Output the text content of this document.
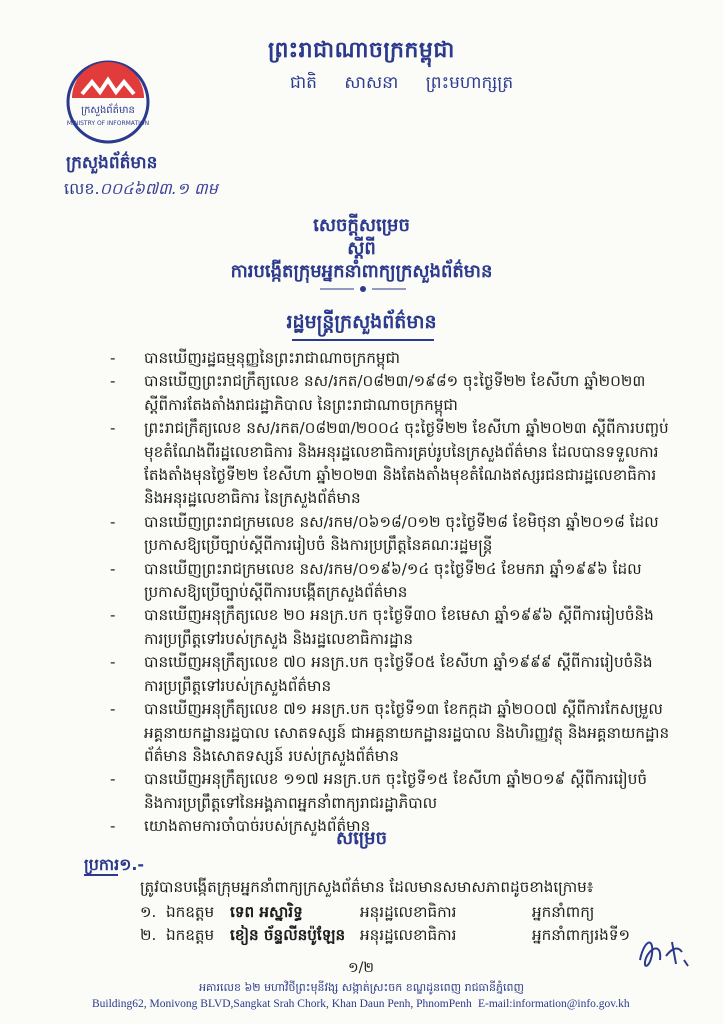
ព្រះរាជាណាចក្រកម្ពុជា
ជាតិ សាសនា ព្រះមហាក្សត្រ
ក្រសួងព័ត៌មាន
MINISTRY OF INFORMATION
ក្រសួងព័ត៌មាន
លេខ.០០៤៦៧៣.១ ៣ម
សេចក្ដីសម្រេច
ស្ដីពី
ការបង្កើតក្រុមអ្នកនាំពាក្យក្រសួងព័ត៌មាន
រដ្ឋមន្ត្រីក្រសួងព័ត៌មាន
- បានឃើញរដ្ឋធម្មនុញ្ញនៃព្រះរាជាណាចក្រកម្ពុជា
- បានឃើញព្រះរាជក្រឹត្យលេខ នស/រកត/០៨២៣/១៩៨១ ចុះថ្ងៃទី២២ ខែសីហា ឆ្នាំ២០២៣ ស្ដីពីការតែងតាំងរាជរដ្ឋាភិបាល នៃព្រះរាជាណាចក្រកម្ពុជា
- ព្រះរាជក្រឹត្យលេខ នស/រកត/០៨២៣/២០០៤ ចុះថ្ងៃទី២២ ខែសីហា ឆ្នាំ២០២៣ ស្ដីពីការបញ្ចប់មុខតំណែងពីរដ្ឋលេខាធិការ និងអនុរដ្ឋលេខាធិការគ្រប់រូបនៃក្រសួងព័ត៌មាន ដែលបានទទួលការតែងតាំងមុនថ្ងៃទី២២ ខែសីហា ឆ្នាំ២០២៣ និងតែងតាំងមុខតំណែងឥស្សរជនជារដ្ឋលេខាធិការ និងអនុរដ្ឋលេខាធិការ នៃក្រសួងព័ត៌មាន
- បានឃើញព្រះរាជក្រមលេខ នស/រកម/០៦១៨/០១២ ចុះថ្ងៃទី២៨ ខែមិថុនា ឆ្នាំ២០១៨ ដែលប្រកាសឱ្យប្រើច្បាប់ស្ដីពីការរៀបចំ និងការប្រព្រឹត្តនៃគណៈរដ្ឋមន្ត្រី
- បានឃើញព្រះរាជក្រមលេខ នស/រកម/០១៩៦/១៤ ចុះថ្ងៃទី២៤ ខែមករា ឆ្នាំ១៩៩៦ ដែលប្រកាសឱ្យប្រើច្បាប់ស្ដីពីការបង្កើតក្រសួងព័ត៌មាន
- បានឃើញអនុក្រឹត្យលេខ ២០ អនក្រ.បក ចុះថ្ងៃទី៣០ ខែមេសា ឆ្នាំ១៩៩៦ ស្ដីពីការរៀបចំនិងការប្រព្រឹត្តទៅរបស់ក្រសួង និងរដ្ឋលេខាធិការដ្ឋាន
- បានឃើញអនុក្រឹត្យលេខ ៧០ អនក្រ.បក ចុះថ្ងៃទី០៥ ខែសីហា ឆ្នាំ១៩៩៩ ស្ដីពីការរៀបចំនិងការប្រព្រឹត្តទៅរបស់ក្រសួងព័ត៌មាន
- បានឃើញអនុក្រឹត្យលេខ ៧១ អនក្រ.បក ចុះថ្ងៃទី១៣ ខែកក្កដា ឆ្នាំ២០០៧ ស្ដីពីការកែសម្រួលអគ្គនាយកដ្ឋានរដ្ឋបាល សោតទស្សន៍ ជាអគ្គនាយកដ្ឋានរដ្ឋបាល និងហិរញ្ញវត្ថុ និងអគ្គនាយកដ្ឋានព័ត៌មាន និងសោតទស្សន៍ របស់ក្រសួងព័ត៌មាន
- បានឃើញអនុក្រឹត្យលេខ ១១៧ អនក្រ.បក ចុះថ្ងៃទី១៥ ខែសីហា ឆ្នាំ២០១៩ ស្ដីពីការរៀបចំ និងការប្រព្រឹត្តទៅនៃអង្គភាពអ្នកនាំពាក្យរាជរដ្ឋាភិបាល
- យោងតាមការចាំបាច់របស់ក្រសួងព័ត៌មាន
សម្រេច
ប្រការ១.-
ត្រូវបានបង្កើតក្រុមអ្នកនាំពាក្យក្រសួងព័ត៌មាន ដែលមានសមាសភាពដូចខាងក្រោម៖
១. ឯកឧត្តម ទេព អស្នារិទ្ធ	អនុរដ្ឋលេខាធិការ	អ្នកនាំពាក្យ
២. ឯកឧត្តម ខៀន ច័ន្ទលីនប៉ូឡែន អនុរដ្ឋលេខាធិការ	អ្នកនាំពាក្យរងទី១
១/២
អគារលេខ ៦២ មហាវិថីព្រះមុនីវង្ស សង្កាត់ស្រះចក ខណ្ឌដូនពេញ រាជធានីភ្នំពេញ
Building62, Monivong BLVD,Sangkat Srah Chork, Khan Daun Penh, PhnomPenh E-mail:information@info.gov.kh
